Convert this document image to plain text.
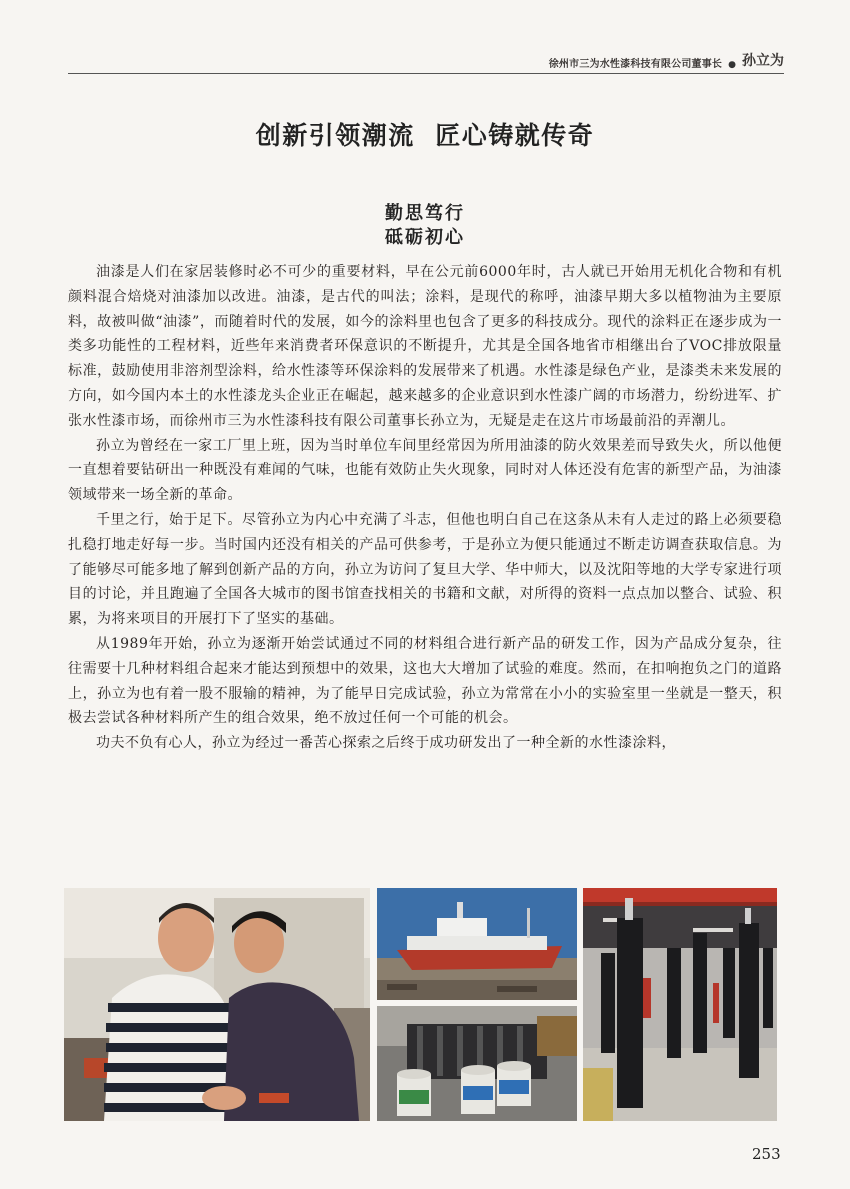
徐州市三为水性漆科技有限公司董事长 ● 孙立为
创新引领潮流  匠心铸就传奇
勤思笃行
砥砺初心

油漆是人们在家居装修时必不可少的重要材料，早在公元前6000年时，古人就已开始用无机化合物和有机颜料混合焙烧对油漆加以改进。油漆，是古代的叫法；涂料，是现代的称呼，油漆早期大多以植物油为主要原料，故被叫做“油漆”，而随着时代的发展，如今的涂料里也包含了更多的科技成分。现代的涂料正在逐步成为一类多功能性的工程材料，近些年来消费者环保意识的不断提升，尤其是全国各地省市相继出台了VOC排放限量标准，鼓励使用非溶剂型涂料，给水性漆等环保涂料的发展带来了机遇。水性漆是绿色产业，是漆类未来发展的方向，如今国内本土的水性漆龙头企业正在崛起，越来越多的企业意识到水性漆广阔的市场潜力，纷纷进军、扩张水性漆市场，而徐州市三为水性漆科技有限公司董事长孙立为，无疑是走在这片市场最前沿的弄潮儿。

孙立为曾经在一家工厂里上班，因为当时单位车间里经常因为所用油漆的防火效果差而导致失火，所以他便一直想着要钻研出一种既没有难闻的气味，也能有效防止失火现象，同时对人体还没有危害的新型产品，为油漆领域带来一场全新的革命。

千里之行，始于足下。尽管孙立为内心中充满了斗志，但他也明白自己在这条从未有人走过的路上必须要稳扎稳打地走好每一步。当时国内还没有相关的产品可供参考，于是孙立为便只能通过不断走访调查获取信息。为了能够尽可能多地了解到创新产品的方向，孙立为访问了复旦大学、华中师大，以及沈阳等地的大学专家进行项目的讨论，并且跑遍了全国各大城市的图书馆查找相关的书籍和文献，对所得的资料一点点加以整合、试验、积累，为将来项目的开展打下了坚实的基础。

从1989年开始，孙立为逐渐开始尝试通过不同的材料组合进行新产品的研发工作，因为产品成分复杂，往往需要十几种材料组合起来才能达到预想中的效果，这也大大增加了试验的难度。然而，在扣响抱负之门的道路上，孙立为也有着一股不服输的精神，为了能早日完成试验，孙立为常常在小小的实验室里一坐就是一整天，积极去尝试各种材料所产生的组合效果，绝不放过任何一个可能的机会。

功夫不负有心人，孙立为经过一番苦心探索之后终于成功研发出了一种全新的水性漆涂料，

253
